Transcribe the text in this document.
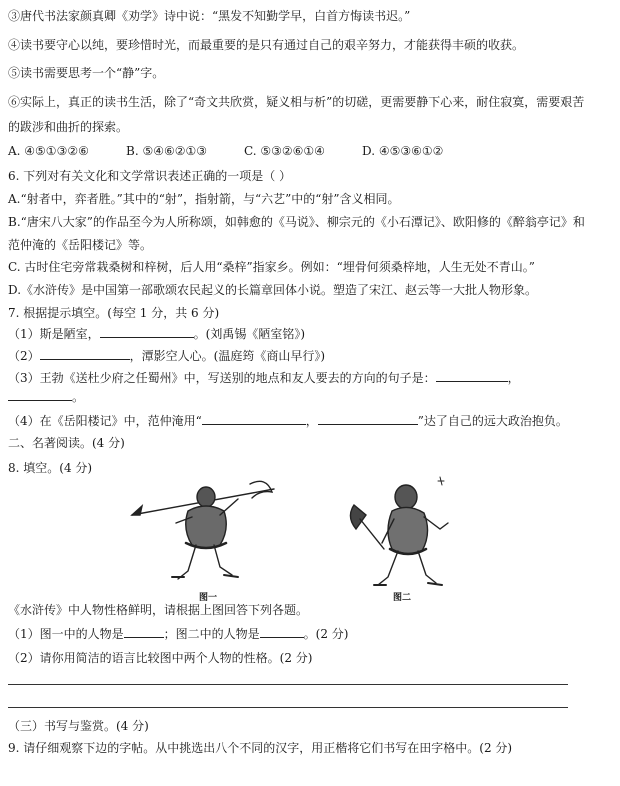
③唐代书法家颜真卿《劝学》诗中说：“黑发不知勤学早，白首方悔读书迟。”
④读书要守心以纯，要珍惜时光，而最重要的是只有通过自己的艰辛努力，才能获得丰硕的收获。
⑤读书需要思考一个“静”字。
⑥实际上，真正的读书生活，除了“奇文共欣赏，疑义相与析”的切磋，更需要静下心来，耐住寂寞，需要艰苦
的跋涉和曲折的探索。
A. ④⑤①③②⑥	B. ⑤④⑥②①③	C. ⑤③②⑥①④	D. ④⑤③⑥①②
6. 下列对有关文化和文学常识表述正确的一项是（ ）
A.“射者中，弈者胜。”其中的“射”，指射箭，与“六艺”中的“射”含义相同。
B.“唐宋八大家”的作品至今为人所称颂，如韩愈的《马说》、柳宗元的《小石潭记》、欧阳修的《醉翁亭记》和
范仲淹的《岳阳楼记》等。
C. 古时住宅旁常栽桑树和梓树，后人用“桑梓”指家乡。例如：“埋骨何须桑梓地，人生无处不青山。”
D.《水浒传》是中国第一部歌颂农民起义的长篇章回体小说。塑造了宋江、赵云等一大批人物形象。
7. 根据提示填空。(每空 1 分，共 6 分)
（1）斯是陋室，	。(刘禹锡《陋室铭》)
（2）	，潭影空人心。(温庭筠《商山早行》)
（3）王勃《送杜少府之任蜀州》中，写送别的地点和友人要去的方向的句子是：	，
。
（4）在《岳阳楼记》中，范仲淹用“	，	”达了自己的远大政治抱负。
二、名著阅读。(4 分)
8. 填空。(4 分)
图一	图二
《水浒传》中人物性格鲜明，请根据上图回答下列各题。
（1）图一中的人物是	；图二中的人物是	。(2 分)
（2）请你用简洁的语言比较图中两个人物的性格。(2 分)
（三）书写与鉴赏。(4 分)
9. 请仔细观察下边的字帖。从中挑选出八个不同的汉字，用正楷将它们书写在田字格中。(2 分)
